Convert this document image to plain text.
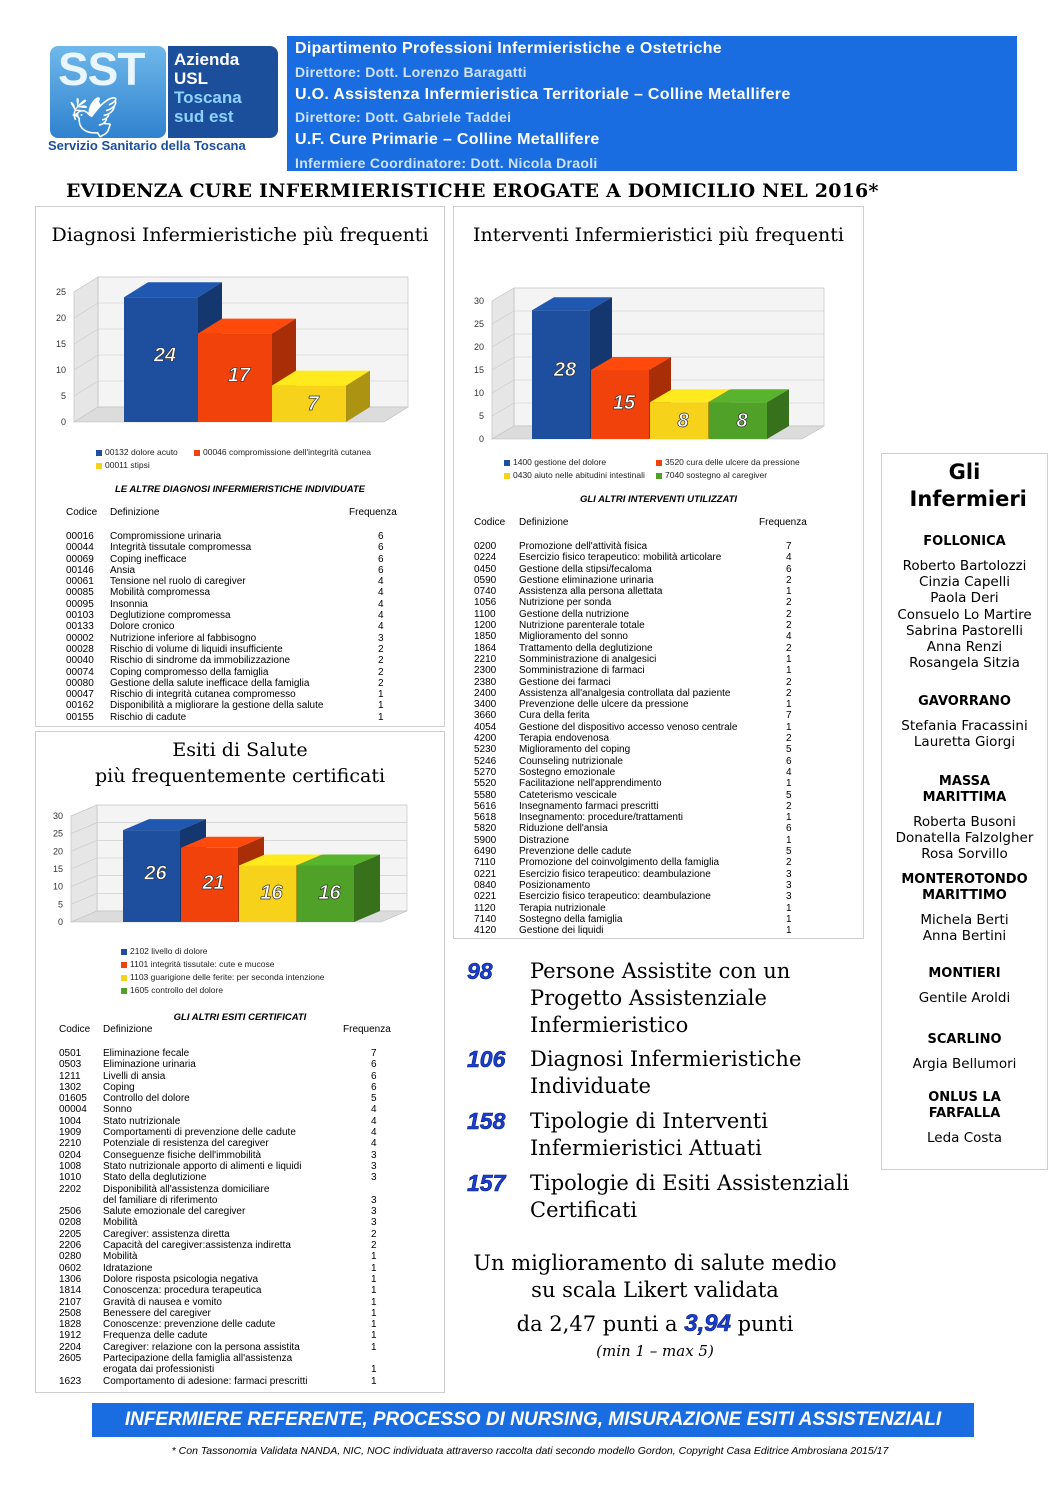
SST
🕊
Azienda
USL
Toscana
sud est
Servizio Sanitario della Toscana
Dipartimento Professioni Infermieristiche e Ostetriche
Direttore: Dott. Lorenzo Baragatti
U.O. Assistenza Infermieristica Territoriale – Colline Metallifere
Direttore: Dott. Gabriele Taddei
U.F. Cure Primarie – Colline Metallifere
Infermiere Coordinatore: Dott. Nicola Draoli
EVIDENZA CURE INFERMIERISTICHE EROGATE A DOMICILIO NEL 2016*
Diagnosi Infermieristiche più frequenti
0
5
10
15
20
25
24
17
7
00132 dolore acuto	00046 compromissione dell'integrità cutanea
00011 stipsi
LE ALTRE DIAGNOSI INFERMIERISTICHE INDIVIDUATE
Codice Definizione	Frequenza
00016 Compromissione urinaria	6
00044 Integrità tissutale compromessa	6
00069 Coping inefficace	6
00146 Ansia	6
00061 Tensione nel ruolo di caregiver	4
00085 Mobilità compromessa	4
00095 Insonnia	4
00103 Deglutizione compromessa	4
00133 Dolore cronico	4
00002 Nutrizione inferiore al fabbisogno	3
00028 Rischio di volume di liquidi insufficiente	2
00040 Rischio di sindrome da immobilizzazione	2
00074 Coping compromesso della famiglia	2
00080 Gestione della salute inefficace della famiglia	2
00047 Rischio di integrità cutanea compromesso	1
00162 Disponibilità a migliorare la gestione della salute	1
00155 Rischio di cadute	1
Interventi Infermieristici più frequenti
0
5
10
15
20
25
30
28
15
8 8
1400 gestione del dolore	3520 cura delle ulcere da pressione
0430 aiuto nelle abitudini intestinali	7040 sostegno al caregiver
GLI ALTRI INTERVENTI UTILIZZATI
Codice Definizione	Frequenza
0200 Promozione dell'attività fisica	7
0224 Esercizio fisico terapeutico: mobilità articolare	4
0450 Gestione della stipsi/fecaloma	6
0590 Gestione eliminazione urinaria	2
0740 Assistenza alla persona allettata	1
1056 Nutrizione per sonda	2
1100 Gestione della nutrizione	2
1200 Nutrizione parenterale totale	2
1850 Miglioramento del sonno	4
1864 Trattamento della deglutizione	2
2210 Somministrazione di analgesici	1
2300 Somministrazione di farmaci	1
2380 Gestione dei farmaci	2
2400 Assistenza all'analgesia controllata dal paziente	2
3400 Prevenzione delle ulcere da pressione	1
3660 Cura della ferita	7
4054 Gestione del dispositivo accesso venoso centrale	1
4200 Terapia endovenosa	2
5230 Miglioramento del coping	5
5246 Counseling nutrizionale	6
5270 Sostegno emozionale	4
5520 Facilitazione nell'apprendimento	1
5580 Cateterismo vescicale	5
5616 Insegnamento farmaci prescritti	2
5618 Insegnamento: procedure/trattamenti	1
5820 Riduzione dell'ansia	6
5900 Distrazione	1
6490 Prevenzione delle cadute	5
7110 Promozione del coinvolgimento della famiglia	2
0221 Esercizio fisico terapeutico: deambulazione	3
0840 Posizionamento	3
0221 Esercizio fisico terapeutico: deambulazione	3
1120 Terapia nutrizionale	1
7140 Sostegno della famiglia	1
4120 Gestione dei liquidi	1
Esiti di Salute
più frequentemente certificati
0
5
10
15
20
25
30
26 21 16 16
2102 livello di dolore
1101 integrità tissutale: cute e mucose
1103 guarigione delle ferite: per seconda intenzione
1605 controllo del dolore
GLI ALTRI ESITI CERTIFICATI
Codice Definizione	Frequenza
0501 Eliminazione fecale	7
0503 Eliminazione urinaria	6
1211 Livelli di ansia	6
1302 Coping	6
01605 Controllo del dolore	5
00004 Sonno	4
1004 Stato nutrizionale	4
1909 Comportamenti di prevenzione delle cadute	4
2210 Potenziale di resistenza del caregiver	4
0204 Conseguenze fisiche dell'immobilità	3
1008 Stato nutrizionale apporto di alimenti e liquidi	3
1010 Stato della deglutizione	3
2202 Disponibilità all'assistenza domiciliare
del familiare di riferimento	3
2506 Salute emozionale del caregiver	3
0208 Mobilità	3
2205 Caregiver: assistenza diretta	2
2206 Capacità del caregiver:assistenza indiretta	2
0280 Mobilità	1
0602 Idratazione	1
1306 Dolore risposta psicologia negativa	1
1814 Conoscenza: procedura terapeutica	1
2107 Gravità di nausea e vomito	1
2508 Benessere del caregiver	1
1828 Conoscenze: prevenzione delle cadute	1
1912 Frequenza delle cadute	1
2204 Caregiver: relazione con la persona assistita	1
2605 Partecipazione della famiglia all'assistenza
erogata dai professionisti	1
1623 Comportamento di adesione: farmaci prescritti	1
98 Persone Assistite con un Progetto Assistenziale Infermieristico
106 Diagnosi Infermieristiche Individuate
158 Tipologie di Interventi Infermieristici Attuati
157 Tipologie di Esiti Assistenziali Certificati
Un miglioramento di salute medio
su scala Likert validata
da 2,47 punti a 3,94 punti
(min 1 – max 5)
Gli Infermieri
FOLLONICA
Roberto Bartolozzi
Cinzia Capelli
Paola Deri
Consuelo Lo Martire
Sabrina Pastorelli
Anna Renzi
Rosangela Sitzia
GAVORRANO
Stefania Fracassini
Lauretta Giorgi
MASSA MARITTIMA
Roberta Busoni
Donatella Falzolgher
Rosa Sorvillo
MONTEROTONDO MARITTIMO
Michela Berti
Anna Bertini
MONTIERI
Gentile Aroldi
SCARLINO
Argia Bellumori
ONLUS LA FARFALLA
Leda Costa
INFERMIERE REFERENTE, PROCESSO DI NURSING, MISURAZIONE ESITI ASSISTENZIALI
* Con Tassonomia Validata NANDA, NIC, NOC individuata attraverso raccolta dati secondo modello Gordon, Copyright Casa Editrice Ambrosiana 2015/17
